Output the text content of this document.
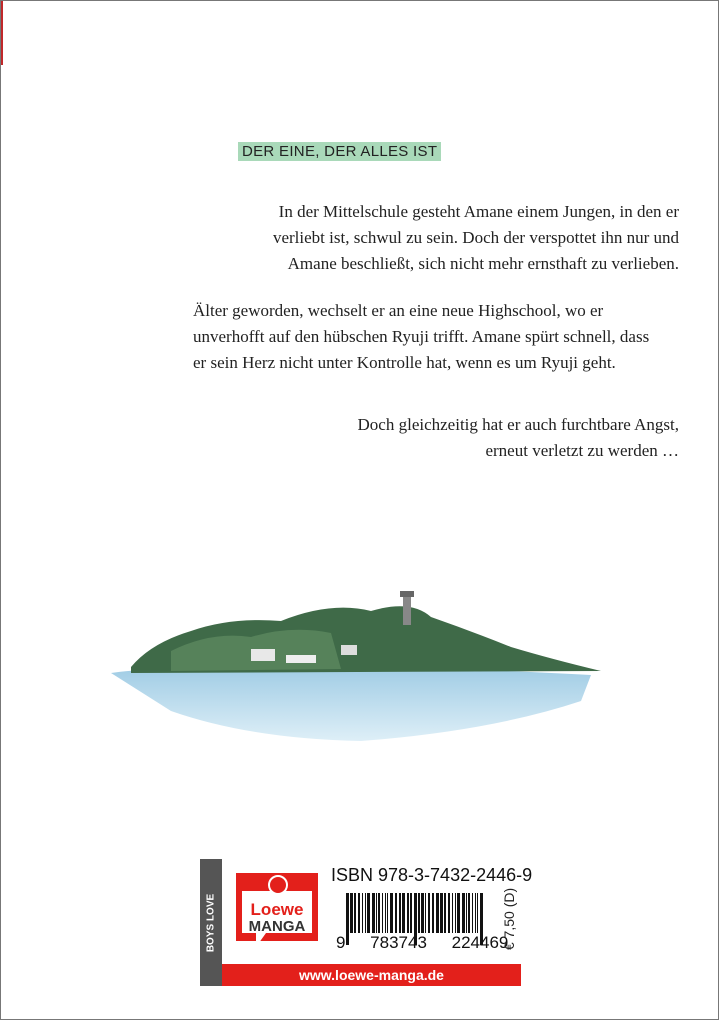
DER EINE, DER ALLES IST
In der Mittelschule gesteht Amane einem Jungen, in den er
verliebt ist, schwul zu sein. Doch der verspottet ihn nur und
Amane beschließt, sich nicht mehr ernsthaft zu verlieben.
Älter geworden, wechselt er an eine neue Highschool, wo er
unverhofft auf den hübschen Ryuji trifft. Amane spürt schnell, dass
er sein Herz nicht unter Kontrolle hat, wenn es um Ryuji geht.
Doch gleichzeitig hat er auch furchtbare Angst,
erneut verletzt zu werden …
BOYS LOVE Loewe
MANGA
ISBN 978-3-7432-2446-9
9 783743 224469
€ 7,50 (D)
www.loewe-manga.de
